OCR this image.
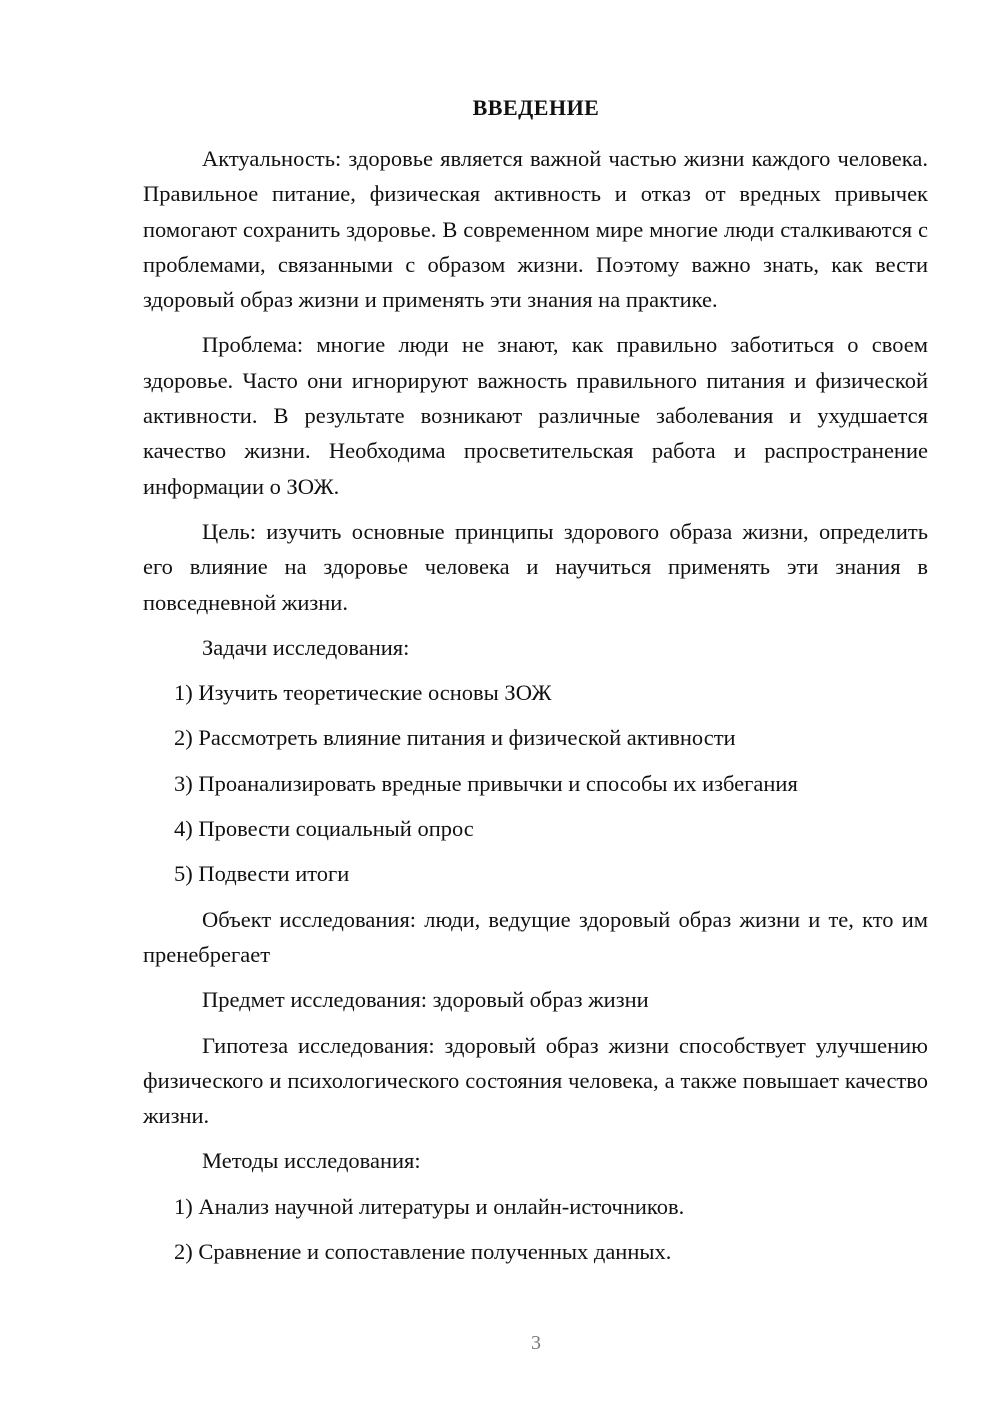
ВВЕДЕНИЕ

Актуальность: здоровье является важной частью жизни каждого человека. Правильное питание, физическая активность и отказ от вредных привычек помогают сохранить здоровье. В современном мире многие люди сталкиваются с проблемами, связанными с образом жизни. Поэтому важно знать, как вести здоровый образ жизни и применять эти знания на практике.

Проблема: многие люди не знают, как правильно заботиться о своем здоровье. Часто они игнорируют важность правильного питания и физической активности. В результате возникают различные заболевания и ухудшается качество жизни. Необходима просветительская работа и распространение информации о ЗОЖ.

Цель: изучить основные принципы здорового образа жизни, определить его влияние на здоровье человека и научиться применять эти знания в повседневной жизни.

Задачи исследования:

1) Изучить теоретические основы ЗОЖ
2) Рассмотреть влияние питания и физической активности
3) Проанализировать вредные привычки и способы их избегания
4) Провести социальный опрос
5) Подвести итоги

Объект исследования: люди, ведущие здоровый образ жизни и те, кто им пренебрегает

Предмет исследования: здоровый образ жизни

Гипотеза исследования: здоровый образ жизни способствует улучшению физического и психологического состояния человека, а также повышает качество жизни.

Методы исследования:

1) Анализ научной литературы и онлайн-источников.
2) Сравнение и сопоставление полученных данных.
3
